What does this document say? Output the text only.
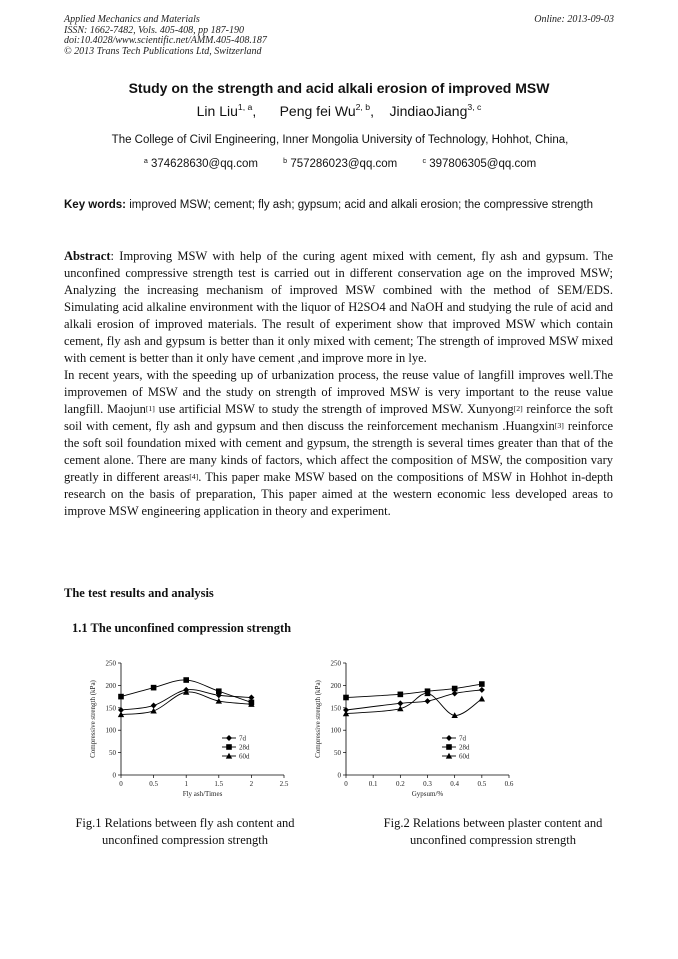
Applied Mechanics and Materials
ISSN: 1662-7482, Vols. 405-408, pp 187-190
doi:10.4028/www.scientific.net/AMM.405-408.187
© 2013 Trans Tech Publications Ltd, Switzerland
Online: 2013-09-03
Study on the strength and acid alkali erosion of improved MSW
Lin Liu$^{1, a}$,      Peng fei Wu$^{2, b}$,    JindiaoJiang$^{3, c}$
The College of Civil Engineering, Inner Mongolia University of Technology, Hohhot, China,
$^a$ 374628630@qq.com	$^b$ 757286023@qq.com	$^c$ 397806305@qq.com
Key words: improved MSW; cement; fly ash; gypsum; acid and alkali erosion; the compressive strength

Abstract: Improving MSW with help of the curing agent mixed with cement, fly ash and gypsum. The unconfined compressive strength test is carried out in different conservation age on the improved MSW; Analyzing the increasing mechanism of improved MSW combined with the method of SEM/EDS. Simulating acid alkaline environment with the liquor of H2SO4 and NaOH and studying the rule of acid and alkali erosion of improved materials. The result of experiment show that improved MSW which contain cement, fly ash and gypsum is better than it only mixed with cement; The strength of improved MSW mixed with cement is better than it only have cement ,and improve more in lye.

In recent years, with the speeding up of urbanization process, the reuse value of langfill improves well.The improvemen of MSW and the study on strength of improved MSW is very important to the reuse value langfill. Maojun[1] use artificial MSW to study the strength of improved MSW. Xunyong[2] reinforce the soft soil with cement, fly ash and gypsum and then discuss the reinforcement mechanism .Huangxin[3] reinforce the soft soil foundation mixed with cement and gypsum, the strength is several times greater than that of the cement alone. There are many kinds of factors, which affect the composition of MSW, the composition vary greatly in different areas[4]. This paper make MSW based on the compositions of MSW in Hohhot in-depth research on the basis of preparation, This paper aimed at the western economic less developed areas to improve MSW engineering application in theory and experiment.

The test results and analysis
1.1 The unconfined compression strength
0
50
100
150
200
250
0	0.5	1	1.5	2	2.5
Fly ash/Times
Compressive strength (kPa)	7d
28d
60d
0
50
100
150
200
250
0	0.1	0.2	0.3	0.4	0.5	0.6
Gypsum/%
Compressive strength (kPa)	7d
28d
60d
Fig.1 Relations between fly ash content and
unconfined compression strength
Fig.2 Relations between plaster content and
unconfined compression strength
